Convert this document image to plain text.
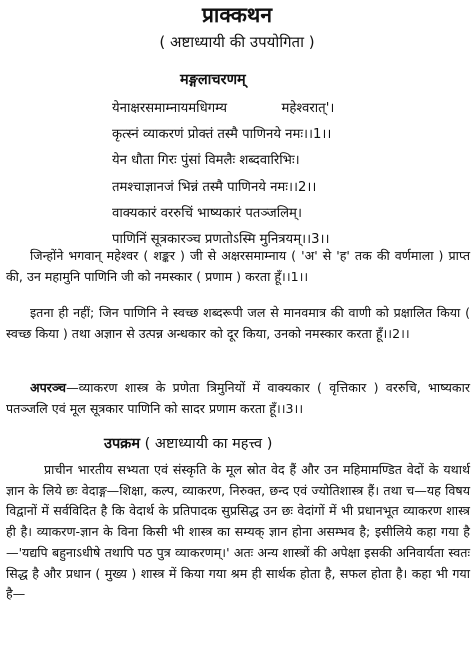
प्राक्कथन
( अष्टाध्यायी की उपयोगिता )
मङ्गलाचरणम्
येनाक्षरसमाम्नायमधिगम्य             महेश्वरात्'।
कृत्स्नं व्याकरणं प्रोक्तं तस्मै पाणिनये नमः।।1।।
येन धौता गिरः पुंसां विमलैः शब्दवारिभिः।
तमश्चाज्ञानजं भिन्नं तस्मै पाणिनये नमः।।2।।
वाक्यकारं वररुचिं भाष्यकारं पतञ्जलिम्।
पाणिनिं सूत्रकारञ्च प्रणतोऽस्मि मुनित्रयम्।।3।।
जिन्होंने भगवान् महेश्वर ( शङ्कर ) जी से अक्षरसमाम्नाय ( 'अ' से 'ह' तक की वर्णमाला ) प्राप्त की, उन महामुनि पाणिनि जी को नमस्कार ( प्रणाम ) करता हूँ।।1।।
इतना ही नहीं; जिन पाणिनि ने स्वच्छ शब्दरूपी जल से मानवमात्र की वाणी को प्रक्षालित किया ( स्वच्छ किया ) तथा अज्ञान से उत्पन्न अन्धकार को दूर किया, उनको नमस्कार करता हूँ।।2।।
अपरञ्च—व्याकरण शास्त्र के प्रणेता त्रिमुनियों में वाक्यकार ( वृत्तिकार ) वररुचि, भाष्यकार पतञ्जलि एवं मूल सूत्रकार पाणिनि को सादर प्रणाम करता हूँ।।3।।
उपक्रम ( अष्टाध्यायी का महत्त्व )
प्राचीन भारतीय सभ्यता एवं संस्कृति के मूल स्रोत वेद हैं और उन महिमामण्डित वेदों के यथार्थ ज्ञान के लिये छः वेदाङ्ग—शिक्षा, कल्प, व्याकरण, निरुक्त, छन्द एवं ज्योतिशास्त्र हैं। तथा च—यह विषय विद्वानों में सर्वविदित है कि वेदार्थ के प्रतिपादक सुप्रसिद्ध उन छः वेदांगों में भी प्रधानभूत व्याकरण शास्त्र ही है। व्याकरण-ज्ञान के विना किसी भी शास्त्र का सम्यक् ज्ञान होना असम्भव है; इसीलिये कहा गया है—'यद्यपि बहुनाऽधीषे तथापि पठ पुत्र व्याकरणम्।' अतः अन्य शास्त्रों की अपेक्षा इसकी अनिवार्यता स्वतः सिद्ध है और प्रधान ( मुख्य ) शास्त्र में किया गया श्रम ही सार्थक होता है, सफल होता है। कहा भी गया है—
